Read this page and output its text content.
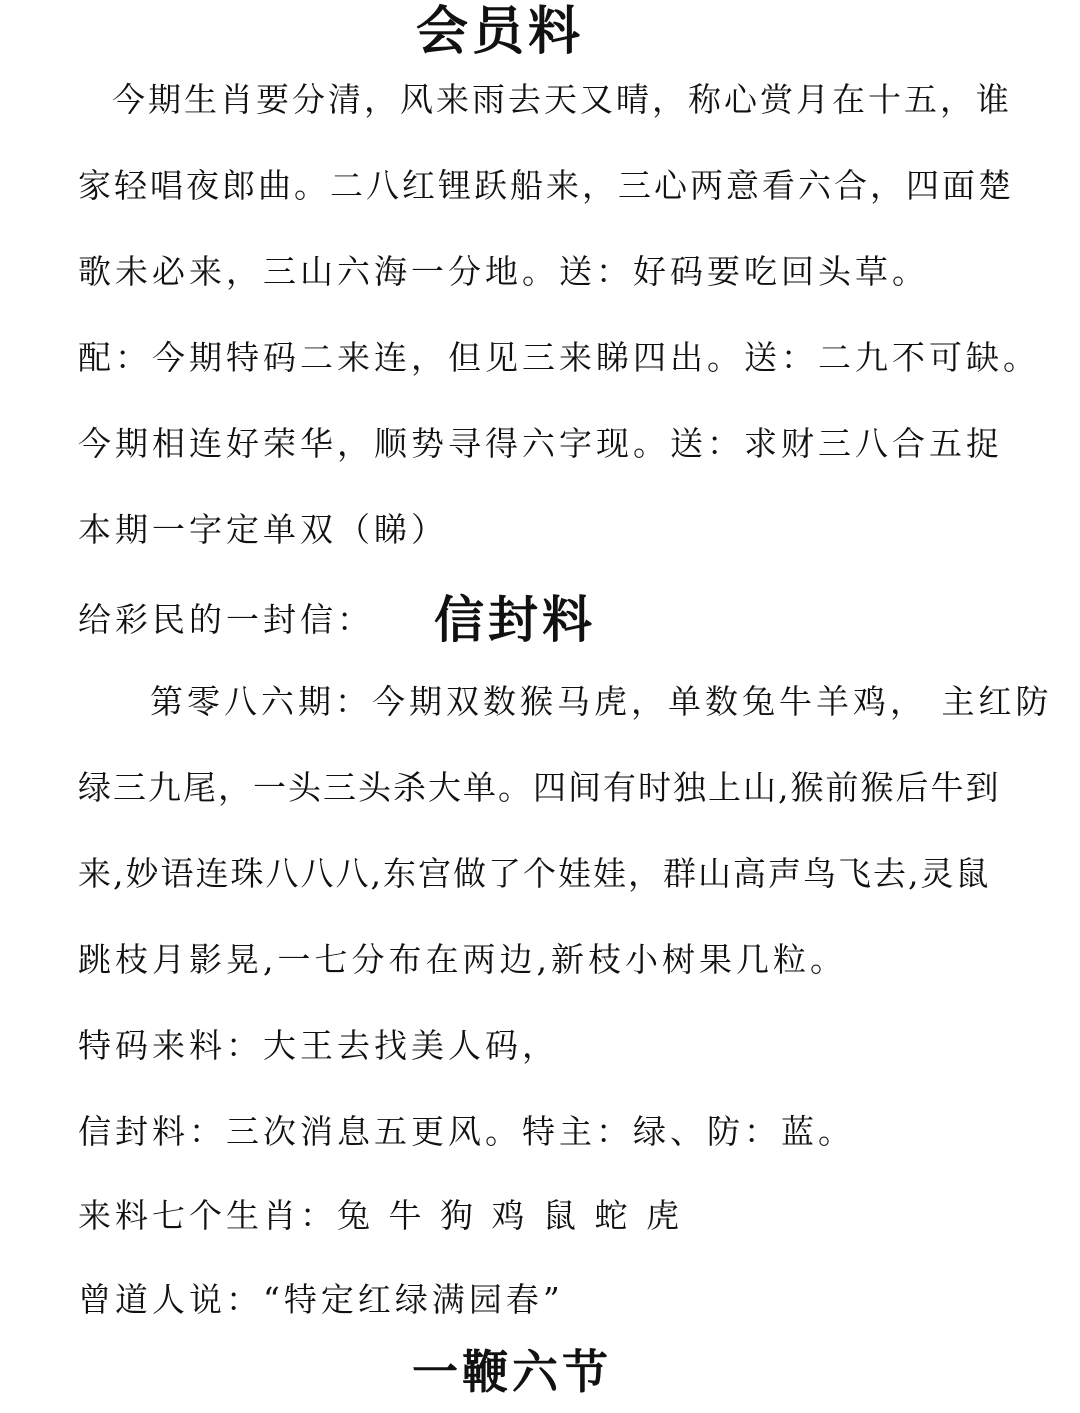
会员料
今期生肖要分清，风来雨去天又晴，称心赏月在十五，谁
家轻唱夜郎曲。二八红锂跃船来，三心两意看六合，四面楚
歌未必来，三山六海一分地。送：好码要吃回头草。
配：今期特码二来连，但见三来睇四出。送：二九不可缺。
今期相连好荣华，顺势寻得六字现。送：求财三八合五捉
本期一字定单双（睇）
给彩民的一封信： 信封料
第零八六期：今期双数猴马虎，单数兔牛羊鸡， 主红防
绿三九尾，一头三头杀大单。四间有时独上山,猴前猴后牛到
来,妙语连珠八八八,东宫做了个娃娃，群山高声鸟飞去,灵鼠
跳枝月影晃,一七分布在两边,新枝小树果几粒。
特码来料：大王去找美人码，
信封料：三次消息五更风。特主：绿、防：蓝。
来料七个生肖：兔 牛 狗 鸡 鼠 蛇 虎
曾道人说：“特定红绿满园春”
一鞭六节
